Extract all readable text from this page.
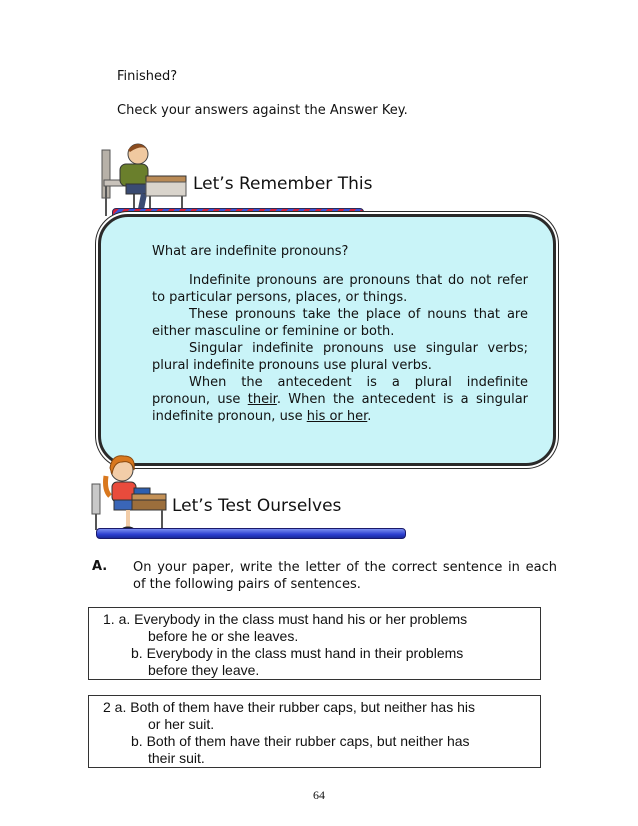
Finished?
Check your answers against the Answer Key.
Let’s Remember This
What are indefinite pronouns?
Indefinite pronouns are pronouns that do not refer
to particular persons, places, or things.
These pronouns take the place of nouns that are
either masculine or feminine or both.
Singular indefinite pronouns use singular verbs;
plural indefinite pronouns use plural verbs.
When the antecedent is a plural indefinite
pronoun, use their. When the antecedent is a singular
indefinite pronoun, use his or her.
Let’s Test Ourselves
A. On your paper, write the letter of the correct sentence in each
of the following pairs of sentences.
1. a. Everybody in the class must hand his or her problems
before he or she leaves.
b. Everybody in the class must hand in their problems
before they leave.
2 a. Both of them have their rubber caps, but neither has his
or her suit.
b. Both of them have their rubber caps, but neither has
their suit.
64
